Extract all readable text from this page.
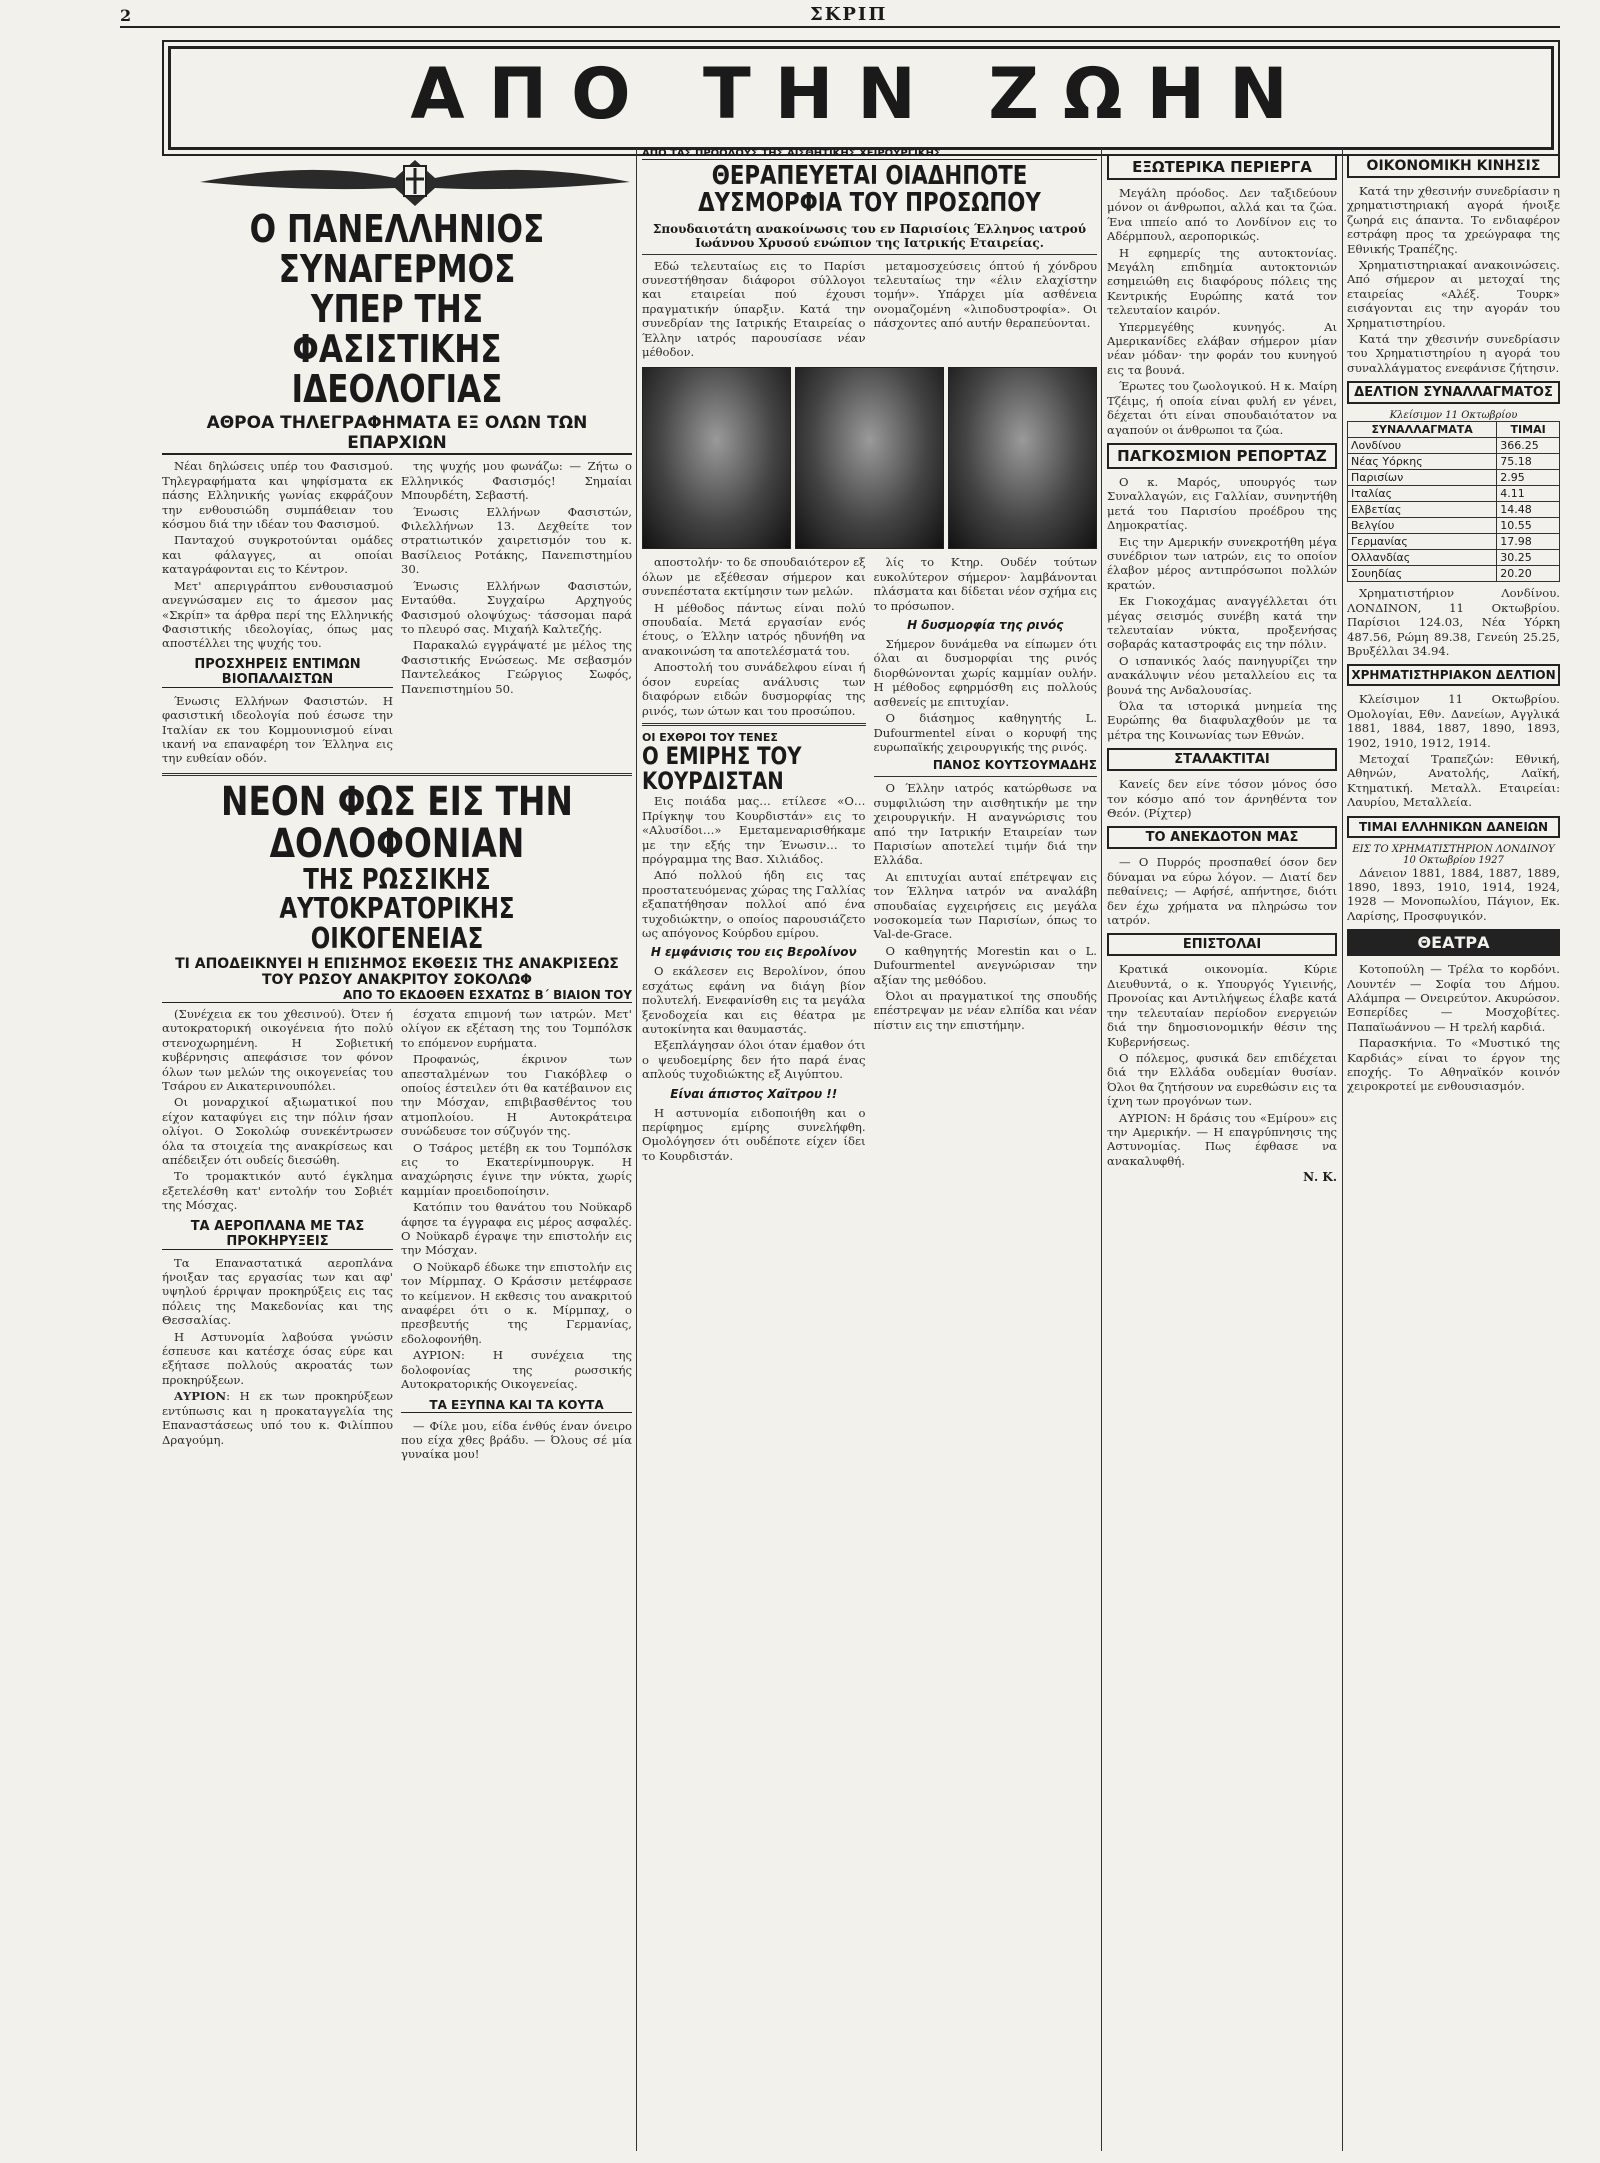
2	ΣΚΡΙΠ
ΑΠΟ ΤΗΝ ΖΩΗΝ
Ο ΠΑΝΕΛΛΗΝΙΟΣ ΣΥΝΑΓΕΡΜΟΣ
ΥΠΕΡ ΤΗΣ ΦΑΣΙΣΤΙΚΗΣ ΙΔΕΟΛΟΓΙΑΣ
ΑΘΡΟΑ ΤΗΛΕΓΡΑΦΗΜΑΤΑ ΕΞ ΟΛΩΝ ΤΩΝ ΕΠΑΡΧΙΩΝ

Νέαι δηλώσεις υπέρ του Φασισμού. Τηλεγραφήματα και ψηφίσματα εκ πάσης Ελληνικής γωνίας εκφράζουν την ενθουσιώδη συμπάθειαν του κόσμου διά την ιδέαν του Φασισμού.

Πανταχού συγκροτούνται ομάδες και φάλαγγες, αι οποίαι καταγράφονται εις το Κέντρον.

Μετ' απεριγράπτου ενθουσιασμού ανεγνώσαμεν εις το άμεσον μας «Σκρίπ» τα άρθρα περί της Ελληνικής Φασιστικής ιδεολογίας, όπως μας αποστέλλει της ψυχής του.

ΠΡΟΣΧΗΡΕΙΣ ΕΝΤΙΜΩΝ ΒΙΟΠΑΛΑΙΣΤΩΝ

Ένωσις Ελλήνων Φασιστών. Η φασιστική ιδεολογία πού έσωσε την Ιταλίαν εκ του Κομμουνισμού είναι ικανή να επαναφέρη τον Έλληνα εις την ευθείαν οδόν.

της ψυχής μου φωνάζω: — Ζήτω ο Ελληνικός Φασισμός! Σημαίαι Μπουρδέτη, Σεβαστή.

Ένωσις Ελλήνων Φασιστών, Φιλελλήνων 13. Δεχθείτε τον στρατιωτικόν χαιρετισμόν του κ. Βασίλειος Ροτάκης, Πανεπιστημίου 30.

Ένωσις Ελλήνων Φασιστών, Ενταύθα. Συγχαίρω Αρχηγούς Φασισμού ολοψύχως· τάσσομαι παρά το πλευρό σας. Μιχαήλ Καλτεζής.

Παρακαλώ εγγράψατέ με μέλος της Φασιστικής Ενώσεως. Με σεβασμόν Παντελεάκος Γεώργιος Σωφός, Πανεπιστημίου 50.

ΝΕΟΝ ΦΩΣ ΕΙΣ ΤΗΝ ΔΟΛΟΦΟΝΙΑΝ
ΤΗΣ ΡΩΣΣΙΚΗΣ ΑΥΤΟΚΡΑΤΟΡΙΚΗΣ ΟΙΚΟΓΕΝΕΙΑΣ
ΤΙ ΑΠΟΔΕΙΚΝΥΕΙ Η ΕΠΙΣΗΜΟΣ ΕΚΘΕΣΙΣ ΤΗΣ ΑΝΑΚΡΙΣΕΩΣ ΤΟΥ ΡΩΣΟΥ ΑΝΑΚΡΙΤΟΥ ΣΟΚΟΛΩΦ
ΑΠΟ ΤΟ ΕΚΔΟΘΕΝ ΕΣΧΑΤΩΣ Β΄ ΒΙΑΙΟΝ ΤΟΥ

(Συνέχεια εκ του χθεσινού). Ότεν ή αυτοκρατορική οικογένεια ήτο πολύ στενοχωρημένη. Η Σοβιετική κυβέρνησις απεφάσισε τον φόνον όλων των μελών της οικογενείας του Τσάρου εν Αικατερινουπόλει.

Οι μοναρχικοί αξιωματικοί που είχον καταφύγει εις την πόλιν ήσαν ολίγοι. Ο Σοκολώφ συνεκέντρωσεν όλα τα στοιχεία της ανακρίσεως και απέδειξεν ότι ουδείς διεσώθη.

Το τρομακτικόν αυτό έγκλημα εξετελέσθη κατ' εντολήν του Σοβιέτ της Μόσχας.

ΤΑ ΑΕΡΟΠΛΑΝΑ ΜΕ ΤΑΣ ΠΡΟΚΗΡΥΞΕΙΣ

Τα Επαναστατικά αεροπλάνα ήνοιξαν τας εργασίας των και αφ' υψηλού έρριψαν προκηρύξεις εις τας πόλεις της Μακεδονίας και της Θεσσαλίας.

Η Αστυνομία λαβούσα γνώσιν έσπευσε και κατέσχε όσας εύρε και εξήτασε πολλούς ακροατάς των προκηρύξεων.

ΑΥΡΙΟΝ: Η εκ των προκηρύξεων εντύπωσις και η προκαταγγελία της Επαναστάσεως υπό του κ. Φιλίππου Δραγούμη.

έσχατα επιμονή των ιατρών. Μετ' ολίγον εκ εξέταση της του Τομπόλσκ το επόμενον ευρήματα.

Προφανώς, έκρινον των απεσταλμένων του Γιακόβλεφ ο οποίος έστειλεν ότι θα κατέβαινον εις την Μόσχαν, επιβιβασθέντος του ατμοπλοίου. Η Αυτοκράτειρα συνώδευσε τον σύζυγόν της.

Ο Τσάρος μετέβη εκ του Τομπόλσκ εις το Εκατερίνμπουργκ. Η αναχώρησις έγινε την νύκτα, χωρίς καμμίαν προειδοποίησιν.

Κατόπιν του θανάτου του Νοϋκαρδ άφησε τα έγγραφα εις μέρος ασφαλές. Ο Νοϋκαρδ έγραψε την επιστολήν εις την Μόσχαν.

Ο Νοϋκαρδ έδωκε την επιστολήν εις τον Μίρμπαχ. Ο Κράσσιν μετέφρασε το κείμενον. Η εκθεσις του ανακριτού αναφέρει ότι ο κ. Μίρμπαχ, ο πρεσβευτής της Γερμανίας, εδολοφονήθη.

ΑΥΡΙΟΝ: Η συνέχεια της δολοφονίας της ρωσσικής Αυτοκρατορικής Οικογενείας.

ΤΑ ΕΞΥΠΝΑ ΚΑΙ ΤΑ ΚΟΥΤΑ

— Φίλε μου, είδα ένθύς έναν όνειρο που είχα χθες βράδυ. — Όλους σέ μία γυναίκα μου!

ΑΠΟ ΤΑΣ ΠΡΟΟΔΟΥΣ ΤΗΣ ΑΙΣΘΗΤΙΚΗΣ ΧΕΙΡΟΥΡΓΙΚΗΣ
ΘΕΡΑΠΕΥΕΤΑΙ ΟΙΑΔΗΠΟΤΕ ΔΥΣΜΟΡΦΙΑ ΤΟΥ ΠΡΟΣΩΠΟΥ
Σπουδαιοτάτη ανακοίνωσις του εν Παρισίοις Έλληνος ιατρού Ιωάννου Χρυσού ενώπιον της Ιατρικής Εταιρείας.

Εδώ τελευταίως εις το Παρίσι συνεστήθησαν διάφοροι σύλλογοι και εταιρείαι πού έχουσι πραγματικήν ύπαρξιν. Κατά την συνεδρίαν της Ιατρικής Εταιρείας ο Έλλην ιατρός παρουσίασε νέαν μέθοδον.

μεταμοσχεύσεις όπτού ή χόνδρου τελευταίως την «έλιν ελαχίστην τομήν». Υπάρχει μία ασθένεια ονομαζομένη «λιποδυστροφία». Οι πάσχοντες από αυτήν θεραπεύονται.

αποστολήν· το δε σπουδαιότερον εξ όλων με εξέθεσαν σήμερον και συνεπέστατα εκτίμησιν των μελών.

Η μέθοδος πάντως είναι πολύ σπουδαία. Μετά εργασίαν ενός έτους, ο Έλλην ιατρός ηδυνήθη να ανακοινώση τα αποτελέσματά του.

Αποστολή του συνάδελφου είναι ή όσον ευρείας ανάλυσις των διαφόρων ειδών δυσμορφίας της ρινός, των ώτων και του προσώπου.

ΟΙ ΕΧΘΡΟΙ ΤΟΥ ΤΕΝΕΣ
Ο ΕΜΙΡΗΣ ΤΟΥ ΚΟΥΡΔΙΣΤΑΝ

Εις ποιάδα μας… ετίλεσε «Ο… Πρίγκηψ του Κουρδιστάν» εις το «Αλυσίδοι…» Εμεταμεναρισθήκαμε με την εξής την Ένωσιν… το πρόγραμμα της Βασ. Χιλιάδος.

Από πολλού ήδη εις τας προστατευόμενας χώρας της Γαλλίας εξαπατήθησαν πολλοί από ένα τυχοδιώκτην, ο οποίος παρουσιάζετο ως απόγονος Κούρδου εμίρου.

Η εμφάνισις του εις Βερολίνον

Ο εκάλεσεν εις Βερολίνον, όπου εσχάτως εφάνη να διάγη βίον πολυτελή. Ενεφανίσθη εις τα μεγάλα ξενοδοχεία και εις θέατρα με αυτοκίνητα και θαυμαστάς.

Εξεπλάγησαν όλοι όταν έμαθον ότι ο ψευδοεμίρης δεν ήτο παρά ένας απλούς τυχοδιώκτης εξ Αιγύπτου.

Είναι άπιστος Χαϊτρου !!

Η αστυνομία ειδοποιήθη και ο περίφημος εμίρης συνελήφθη. Ομολόγησεν ότι ουδέποτε είχεν ίδει το Κουρδιστάν.

λίς το Κτηρ. Ουδέν τούτων ευκολύτερον σήμερον· λαμβάνονται πλάσματα και δίδεται νέον σχήμα εις το πρόσωπον.

Η δυσμορφία της ρινός

Σήμερον δυνάμεθα να είπωμεν ότι όλαι αι δυσμορφίαι της ρινός διορθώνονται χωρίς καμμίαν ουλήν. Η μέθοδος εφηρμόσθη εις πολλούς ασθενείς με επιτυχίαν.

Ο διάσημος καθηγητής L. Dufourmentel είναι ο κορυφή της ευρωπαϊκής χειρουργικής της ρινός.

ΠΑΝΟΣ ΚΟΥΤΣΟΥΜΑΔΗΣ

Ο Έλλην ιατρός κατώρθωσε να συμφιλιώση την αισθητικήν με την χειρουργικήν. Η αναγνώρισις του από την Ιατρικήν Εταιρείαν των Παρισίων αποτελεί τιμήν διά την Ελλάδα.

Αι επιτυχίαι αυταί επέτρεψαν εις τον Έλληνα ιατρόν να αναλάβη σπουδαίας εγχειρήσεις εις μεγάλα νοσοκομεία των Παρισίων, όπως το Val-de-Grace.

Ο καθηγητής Morestin και ο L. Dufourmentel ανεγνώρισαν την αξίαν της μεθόδου.

Όλοι αι πραγματικοί της σπουδής επέστρεψαν με νέαν ελπίδα και νέαν πίστιν εις την επιστήμην.

ΕΞΩΤΕΡΙΚΑ ΠΕΡΙΕΡΓΑ

Μεγάλη πρόοδος. Δεν ταξιδεύουν μόνον οι άνθρωποι, αλλά και τα ζώα. Ένα ιππείο από το Λονδίνον εις το Αδέρμπουλ, αεροπορικώς.

Η εφημερίς της αυτοκτονίας. Μεγάλη επιδημία αυτοκτονιών εσημειώθη εις διαφόρους πόλεις της Κεντρικής Ευρώπης κατά τον τελευταίον καιρόν.

Υπερμεγέθης κυνηγός. Αι Αμερικανίδες ελάβαν σήμερον μίαν νέαν μόδαν· την φοράν του κυνηγού εις τα βουνά.

Έρωτες του ζωολογικού. Η κ. Μαίρη Τζέιμς, ή οποία είναι φυλή εν γένει, δέχεται ότι είναι σπουδαιότατον να αγαπούν οι άνθρωποι τα ζώα.

ΠΑΓΚΟΣΜΙΟΝ ΡΕΠΟΡΤΑΖ

Ο κ. Μαρός, υπουργός των Συναλλαγών, εις Γαλλίαν, συνηντήθη μετά του Παρισίου προέδρου της Δημοκρατίας.

Εις την Αμερικήν συνεκροτήθη μέγα συνέδριον των ιατρών, εις το οποίον έλαβον μέρος αντιπρόσωποι πολλών κρατών.

Εκ Γιοκοχάμας αναγγέλλεται ότι μέγας σεισμός συνέβη κατά την τελευταίαν νύκτα, προξενήσας σοβαράς καταστροφάς εις την πόλιν.

Ο ισπανικός λαός πανηγυρίζει την ανακάλυψιν νέου μεταλλείου εις τα βουνά της Ανδαλουσίας.

Όλα τα ιστορικά μνημεία της Ευρώπης θα διαφυλαχθούν με τα μέτρα της Κοινωνίας των Εθνών.

ΣΤΑΛΑΚΤΙΤΑΙ

Κανείς δεν είνε τόσον μόνος όσο τον κόσμο από τον άρνηθέντα τον Θεόν. (Ρίχτερ)

ΤΟ ΑΝΕΚΔΟΤΟΝ ΜΑΣ

— Ο Πυρρός προσπαθεί όσον δεν δύναμαι να εύρω λόγον. — Διατί δεν πεθαίνεις; — Αφήσέ, απήντησε, διότι δεν έχω χρήματα να πληρώσω τον ιατρόν.

ΕΠΙΣΤΟΛΑΙ

Κρατικά οικονομία. Κύριε Διευθυντά, ο κ. Υπουργός Υγιεινής, Προνοίας και Αντιλήψεως έλαβε κατά την τελευταίαν περίοδον ενεργειών διά την δημοσιονομικήν θέσιν της Κυβερνήσεως.

Ο πόλεμος, φυσικά δεν επιδέχεται διά την Ελλάδα ουδεμίαν θυσίαν. Όλοι θα ζητήσουν να ευρεθώσιν εις τα ίχνη των προγόνων των.

ΑΥΡΙΟΝ: Η δράσις του «Εμίρου» εις την Αμερικήν. — Η επαγρύπνησις της Αστυνομίας. Πως έφθασε να ανακαλυφθή.

Ν. Κ.
ΟΙΚΟΝΟΜΙΚΗ ΚΙΝΗΣΙΣ

Κατά την χθεσινήν συνεδρίασιν η χρηματιστηριακή αγορά ήνοιξε ζωηρά εις άπαντα. Το ενδιαφέρον εστράφη προς τα χρεώγραφα της Εθνικής Τραπέζης.

Χρηματιστηριακαί ανακοινώσεις. Από σήμερον αι μετοχαί της εταιρείας «Αλέξ. Τουρκ» εισάγονται εις την αγοράν του Χρηματιστηρίου.

Κατά την χθεσινήν συνεδρίασιν του Χρηματιστηρίου η αγορά του συναλλάγματος ενεφάνισε ζήτησιν.

ΔΕΛΤΙΟΝ ΣΥΝΑΛΛΑΓΜΑΤΟΣ
Κλείσιμον 11 Οκτωβρίου
ΣΥΝΑΛΛΑΓΜΑΤΑ	ΤΙΜΑΙ
Λονδίνου	366.25
Νέας Υόρκης	75.18
Παρισίων	2.95
Ιταλίας	4.11
Ελβετίας	14.48
Βελγίου	10.55
Γερμανίας	17.98
Ολλανδίας	30.25
Σουηδίας	20.20

Χρηματιστήριον Λονδίνου. ΛΟΝΔΙΝΟΝ, 11 Οκτωβρίου. Παρίσιοι 124.03, Νέα Υόρκη 487.56, Ρώμη 89.38, Γενεύη 25.25, Βρυξέλλαι 34.94.

ΧΡΗΜΑΤΙΣΤΗΡΙΑΚΟΝ ΔΕΛΤΙΟΝ

Κλείσιμον 11 Οκτωβρίου. Ομολογίαι, Εθν. Δανείων, Αγγλικά 1881, 1884, 1887, 1890, 1893, 1902, 1910, 1912, 1914.

Μετοχαί Τραπεζών: Εθνική, Αθηνών, Ανατολής, Λαϊκή, Κτηματική. Μεταλλ. Εταιρείαι: Λαυρίου, Μεταλλεία.

ΤΙΜΑΙ ΕΛΛΗΝΙΚΩΝ ΔΑΝΕΙΩΝ
ΕΙΣ ΤΟ ΧΡΗΜΑΤΙΣΤΗΡΙΟΝ ΛΟΝΔΙΝΟΥ
10 Οκτωβρίου 1927

Δάνειον 1881, 1884, 1887, 1889, 1890, 1893, 1910, 1914, 1924, 1928 — Μονοπωλίου, Πάγιον, Εκ. Λαρίσης, Προσφυγικόν.

ΘΕΑΤΡΑ

Κοτοπούλη — Τρέλα το κορδόνι. Λουντέν — Σοφία του Δήμου. Αλάμπρα — Ονειρεύτον. Ακυρώσον. Εσπερίδες — Μοσχοβίτες. Παπαϊωάννου — Η τρελή καρδιά.

Παρασκήνια. Το «Μυστικό της Καρδιάς» είναι το έργον της εποχής. Το Αθηναϊκόν κοινόν χειροκροτεί με ενθουσιασμόν.
